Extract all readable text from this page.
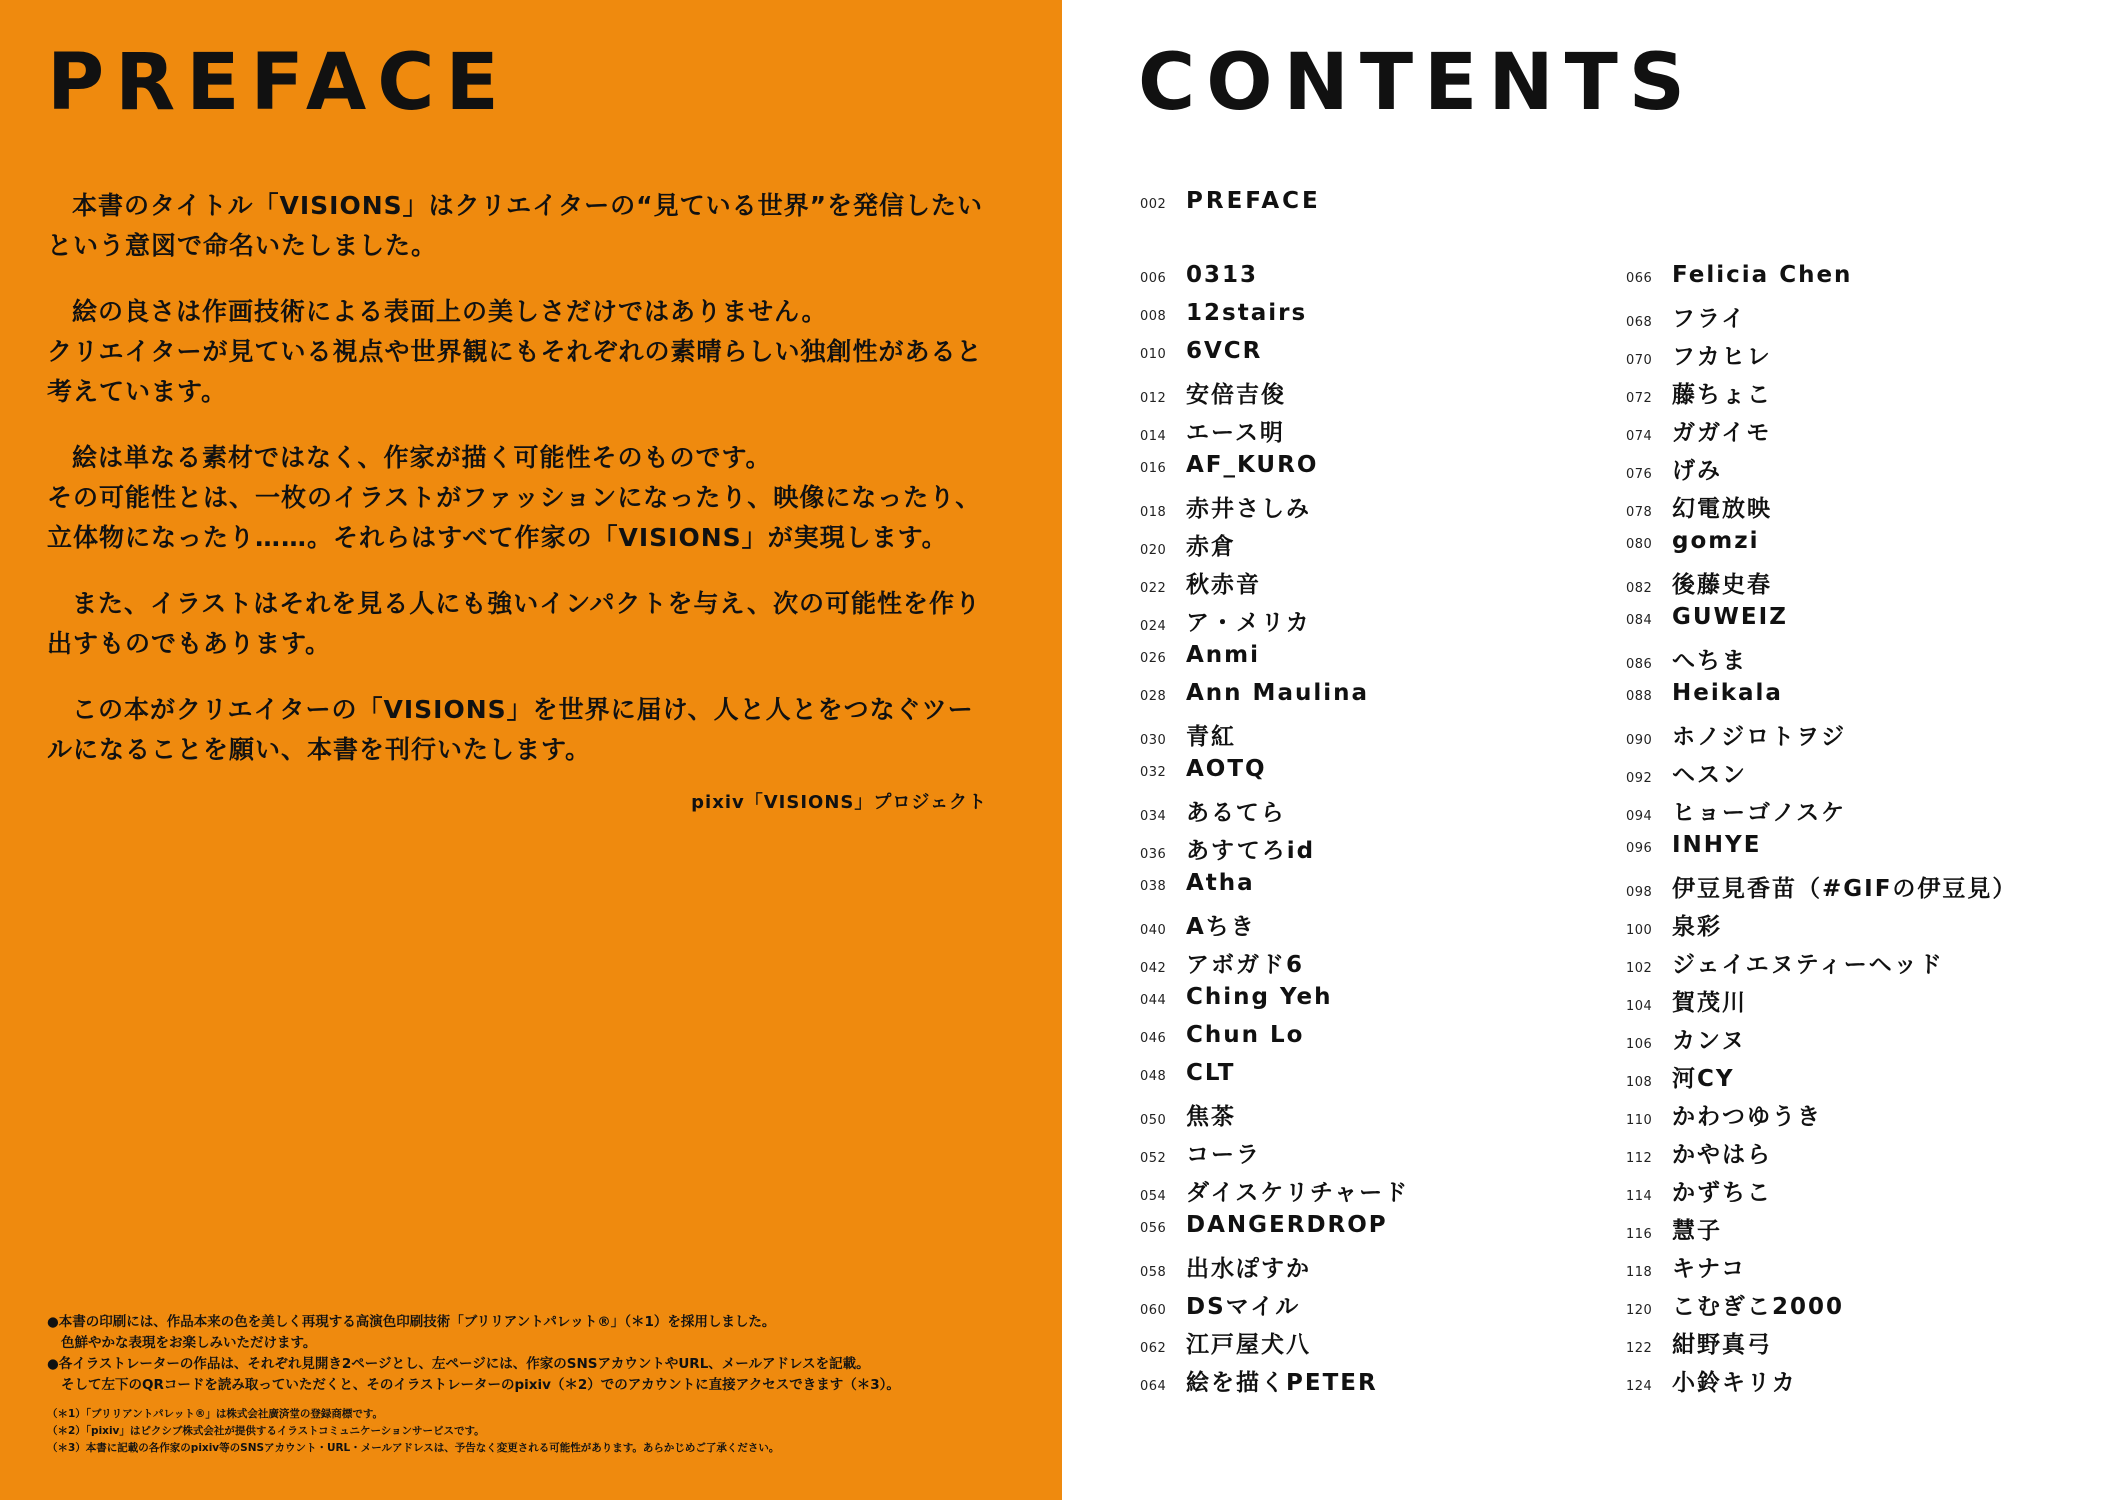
PREFACE

本書のタイトル「VISIONS」はクリエイターの“見ている世界”を発信したいという意図で命名いたしました。

絵の良さは作画技術による表面上の美しさだけではありません。
クリエイターが見ている視点や世界観にもそれぞれの素晴らしい独創性があると考えています。

絵は単なる素材ではなく、作家が描く可能性そのものです。
その可能性とは、一枚のイラストがファッションになったり、映像になったり、立体物になったり……。それらはすべて作家の「VISIONS」が実現します。

また、イラストはそれを見る人にも強いインパクトを与え、次の可能性を作り出すものでもあります。

この本がクリエイターの「VISIONS」を世界に届け、人と人とをつなぐツールになることを願い、本書を刊行いたします。

pixiv「VISIONS」プロジェクト

●本書の印刷には、作品本来の色を美しく再現する高演色印刷技術「ブリリアントパレット®」（＊1）を採用しました。

色鮮やかな表現をお楽しみいただけます。

●各イラストレーターの作品は、それぞれ見開き2ページとし、左ページには、作家のSNSアカウントやURL、メールアドレスを記載。

そして左下のQRコードを読み取っていただくと、そのイラストレーターのpixiv（＊2）でのアカウントに直接アクセスできます（＊3）。

（＊1）「ブリリアントパレット®」は株式会社廣済堂の登録商標です。

（＊2）「pixiv」はピクシブ株式会社が提供するイラストコミュニケーションサービスです。

（＊3）本書に記載の各作家のpixiv等のSNSアカウント・URL・メールアドレスは、予告なく変更される可能性があります。あらかじめご了承ください。

CONTENTS
002 PREFACE
006 0313
008 12stairs
010 6VCR
012 安倍吉俊
014 エース明
016 AF_KURO
018 赤井さしみ
020 赤倉
022 秋赤音
024 ア・メリカ
026 Anmi
028 Ann Maulina
030 青紅
032 AOTQ
034 あるてら
036 あすてろid
038 Atha
040 Aちき
042 アボガド6
044 Ching Yeh
046 Chun Lo
048 CLT
050 焦茶
052 コーラ
054 ダイスケリチャード
056 DANGERDROP
058 出水ぽすか
060 DSマイル
062 江戸屋犬八
064 絵を描くPETER
066 Felicia Chen
068 フライ
070 フカヒレ
072 藤ちょこ
074 ガガイモ
076 げみ
078 幻電放映
080 gomzi
082 後藤史春
084 GUWEIZ
086 へちま
088 Heikala
090 ホノジロトヲジ
092 ヘスン
094 ヒョーゴノスケ
096 INHYE
098 伊豆見香苗（#GIFの伊豆見）
100 泉彩
102 ジェイエヌティーヘッド
104 賀茂川
106 カンヌ
108 河CY
110 かわつゆうき
112 かやはら
114 かずちこ
116 慧子
118 キナコ
120 こむぎこ2000
122 紺野真弓
124 小鈴キリカ
